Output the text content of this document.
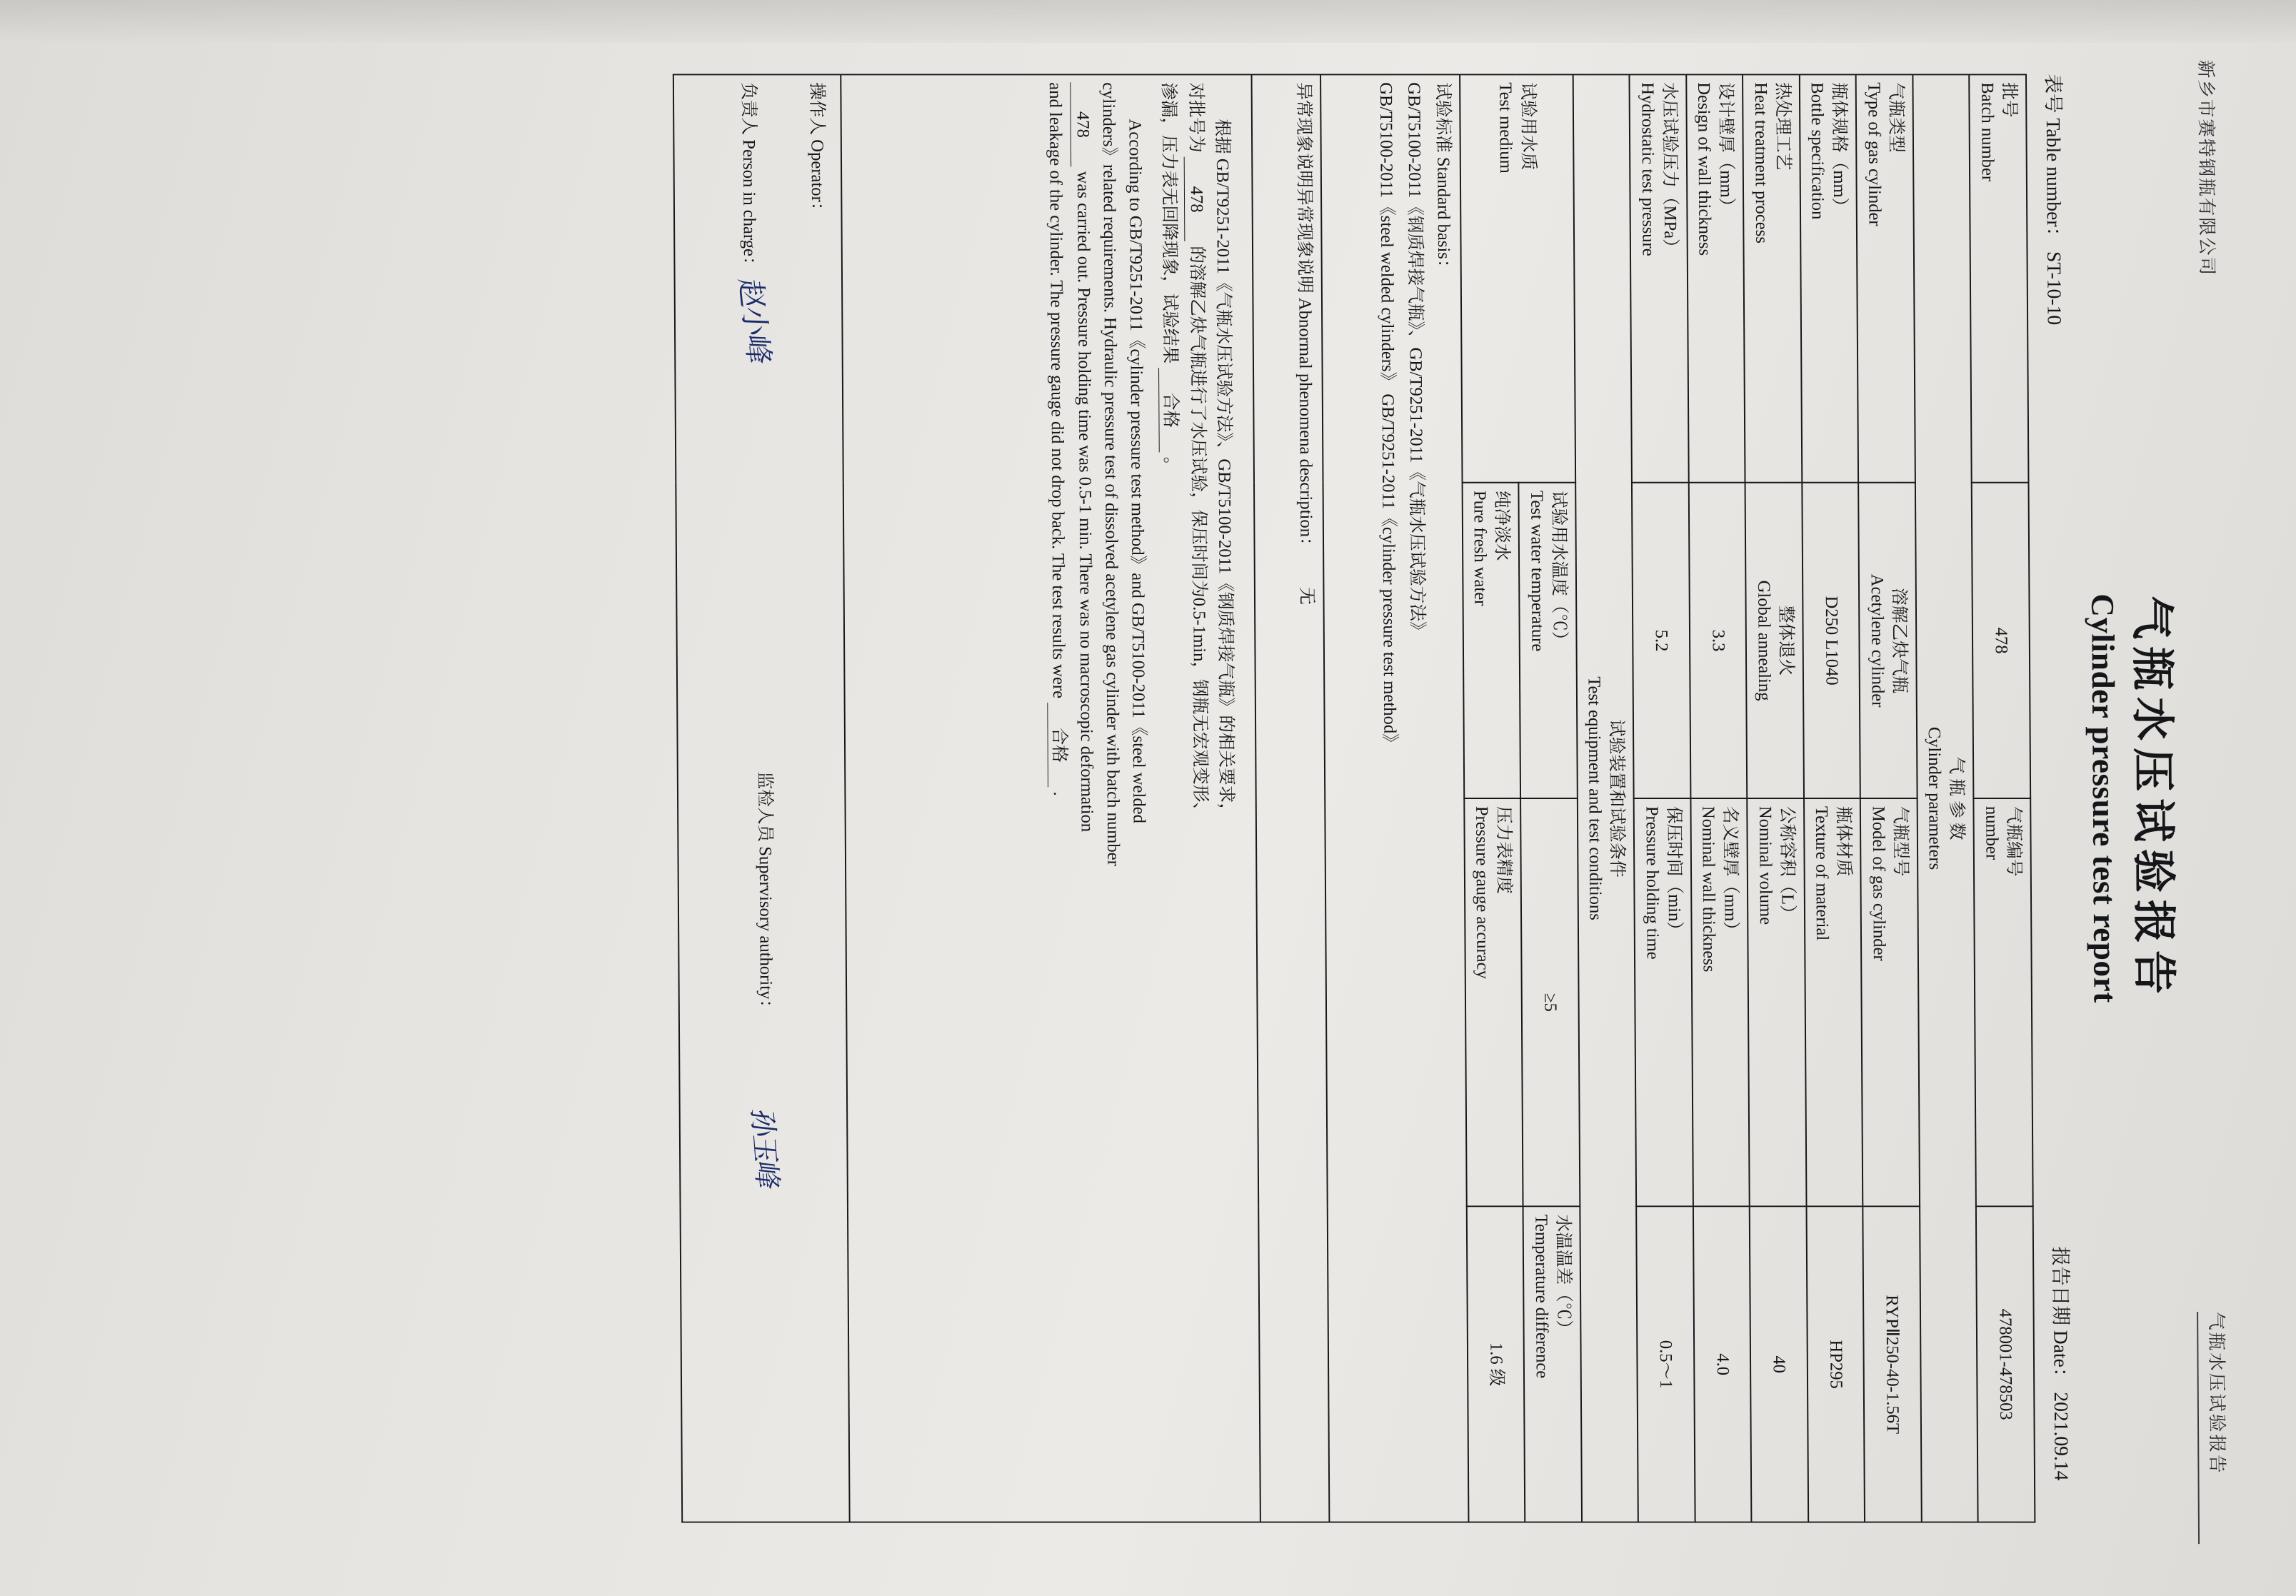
新乡市赛特钢瓶有限公司
气瓶水压试验报告
气瓶水压试验报告
Cylinder pressure test report
表号 Table number： ST-10-10
报告日期 Date： 2021.09.14
批号
Batch number	478	气瓶编号
number	478001-478503

气 瓶 参 数
Cylinder parameters			

气瓶类型
Type of gas cylinder	溶解乙炔气瓶
Acetylene cylinder	气瓶型号
Model of gas cylinder	RYPⅡ250-40-1.56T

瓶体规格（mm）
Bottle specification	D250 L1040	瓶体材质
Texture of material	HP295

热处理工艺
Heat treatment process	整体退火
Global annealing	公称容积（L）
Nominal volume	40

设计壁厚（mm）
Design of wall thickness	3.3	名义壁厚（mm）
Nominal wall thickness	4.0

水压试验压力（MPa）
Hydrostatic test pressure	5.2	保压时间（min）
Pressure holding time	0.5～1

试验装置和试验条件
Test equipment and test conditions			

试验用水质
Test medium	试验用水温度（℃）
Test water temperature	≥5	水温温差（℃）
Temperature difference

	纯净淡水
Pure fresh water	压力表精度
Pressure gauge accuracy	1.6 级

试验标准 Standard basis：
GB/T5100-2011《钢质焊接气瓶》、GB/T9251-2011《气瓶水压试验方法》
GB/T5100-2011《steel welded cylinders》 GB/T9251-2011《cylinder pressure test method》			

异常现象说明异常现象说明 Abnormal phenomena description： 无			

根据 GB/T9251-2011《气瓶水压试验方法》、GB/T5100-2011《钢质焊接气瓶》的相关要求，
对批号为 478 的溶解乙炔气瓶进行了水压试验，保压时间为0.5-1min，钢瓶无宏观变形、
渗漏，压力表无回降现象，试验结果 合格 。
According to GB/T9251-2011《cylinder pressure test method》and GB/T5100-2011《steel welded
cylinders》related requirements. Hydraulic pressure test of dissolved acetylene gas cylinder with batch number
478 was carried out. Pressure holding time was 0.5-1 min. There was no macroscopic deformation
and leakage of the cylinder. The pressure gauge did not drop back. The test results were 合格 .

操作人 Operator：
负责人 Person in charge： 赵小峰
监检人员 Supervisory authority：
孙玉峰			
